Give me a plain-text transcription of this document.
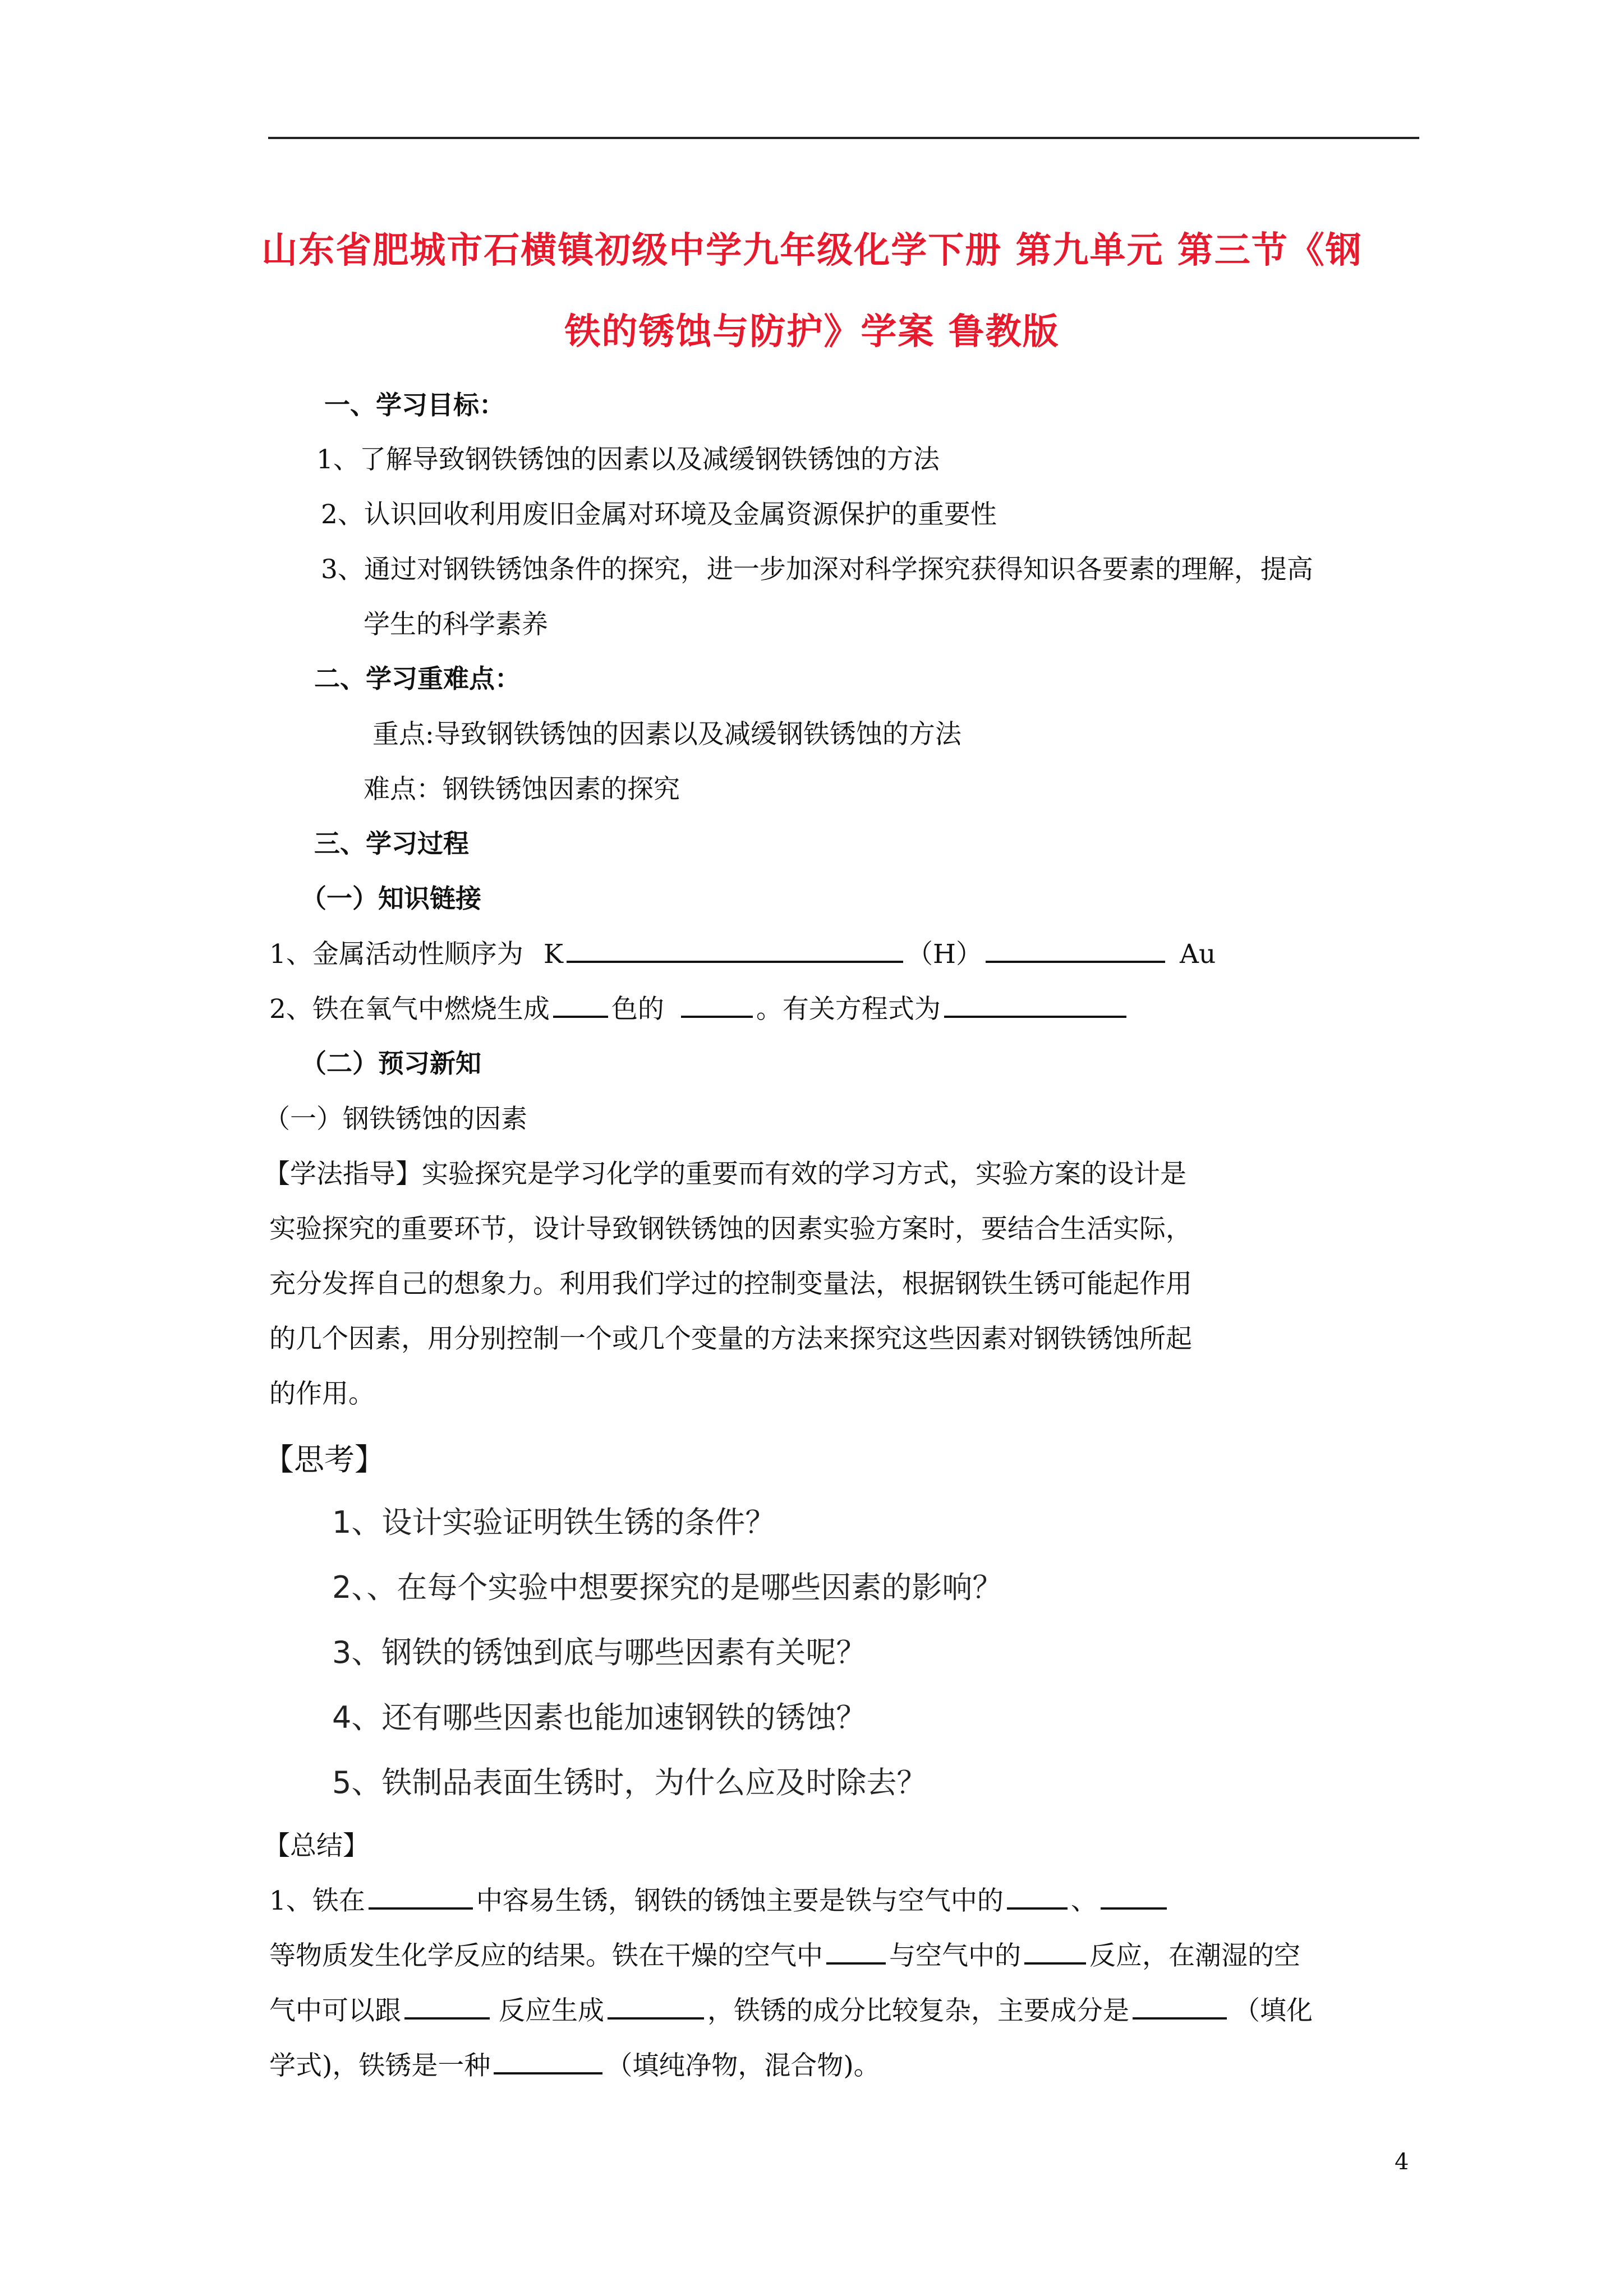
山东省肥城市石横镇初级中学九年级化学下册 第九单元 第三节《钢
铁的锈蚀与防护》学案 鲁教版
一、学习目标：
1、了解导致钢铁锈蚀的因素以及减缓钢铁锈蚀的方法
2、认识回收利用废旧金属对环境及金属资源保护的重要性
3、通过对钢铁锈蚀条件的探究，进一步加深对科学探究获得知识各要素的理解，提高
学生的科学素养
二、学习重难点：
重点:导致钢铁锈蚀的因素以及减缓钢铁锈蚀的方法
难点：钢铁锈蚀因素的探究
三、学习过程
（一）知识链接
1、金属活动性顺序为 K	（H）	Au
2、铁在氧气中燃烧生成 色的	。有关方程式为
（二）预习新知
（一）钢铁锈蚀的因素
【学法指导】实验探究是学习化学的重要而有效的学习方式，实验方案的设计是
实验探究的重要环节，设计导致钢铁锈蚀的因素实验方案时，要结合生活实际，
充分发挥自己的想象力。利用我们学过的控制变量法，根据钢铁生锈可能起作用
的几个因素，用分别控制一个或几个变量的方法来探究这些因素对钢铁锈蚀所起
的作用。
【思考】
1、设计实验证明铁生锈的条件？
2、、在每个实验中想要探究的是哪些因素的影响？
3、钢铁的锈蚀到底与哪些因素有关呢？
4、还有哪些因素也能加速钢铁的锈蚀？
5、铁制品表面生锈时，为什么应及时除去？
【总结】
1、铁在	中容易生锈，钢铁的锈蚀主要是铁与空气中的	、
等物质发生化学反应的结果。铁在干燥的空气中	与空气中的	反应，在潮湿的空
气中可以跟	反应生成	，铁锈的成分比较复杂，主要成分是	（填化
学式)，铁锈是一种	（填纯净物，混合物)。
4
